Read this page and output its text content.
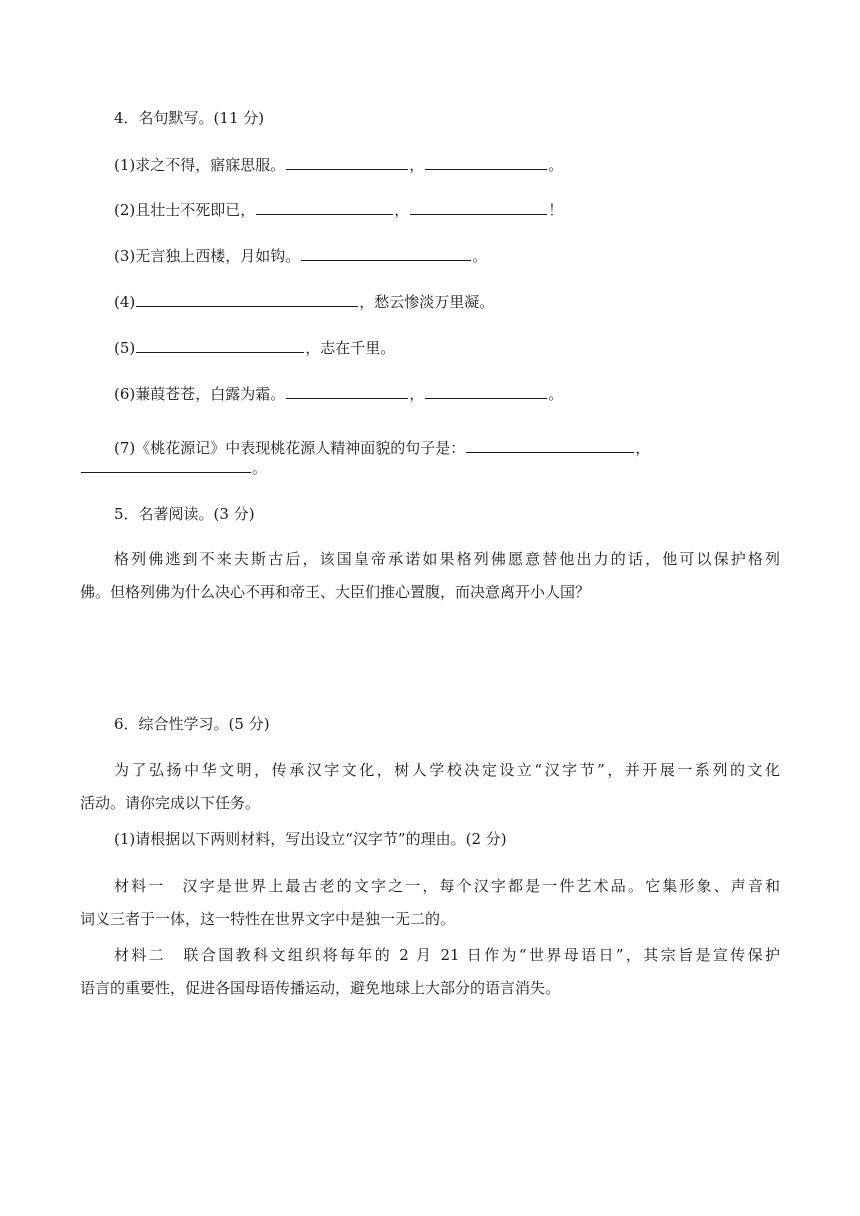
4．名句默写。(11 分)
(1)求之不得，寤寐思服。	，	。
(2)且壮士不死即已，	，	！
(3)无言独上西楼，月如钩。	。
(4)	，愁云惨淡万里凝。
(5)	，志在千里。
(6)蒹葭苍苍，白露为霜。	，	。
(7)《桃花源记》中表现桃花源人精神面貌的句子是：	，
。
5．名著阅读。(3 分)
格列佛逃到不来夫斯古后，该国皇帝承诺如果格列佛愿意替他出力的话，他可以保护格列
佛。但格列佛为什么决心不再和帝王、大臣们推心置腹，而决意离开小人国？
6．综合性学习。(5 分)
为了弘扬中华文明，传承汉字文化，树人学校决定设立“汉字节”，并开展一系列的文化
活动。请你完成以下任务。
(1)请根据以下两则材料，写出设立“汉字节”的理由。(2 分)
材料一　汉字是世界上最古老的文字之一，每个汉字都是一件艺术品。它集形象、声音和
词义三者于一体，这一特性在世界文字中是独一无二的。
材料二　联合国教科文组织将每年的 2 月 21 日作为“世界母语日”，其宗旨是宣传保护
语言的重要性，促进各国母语传播运动，避免地球上大部分的语言消失。
